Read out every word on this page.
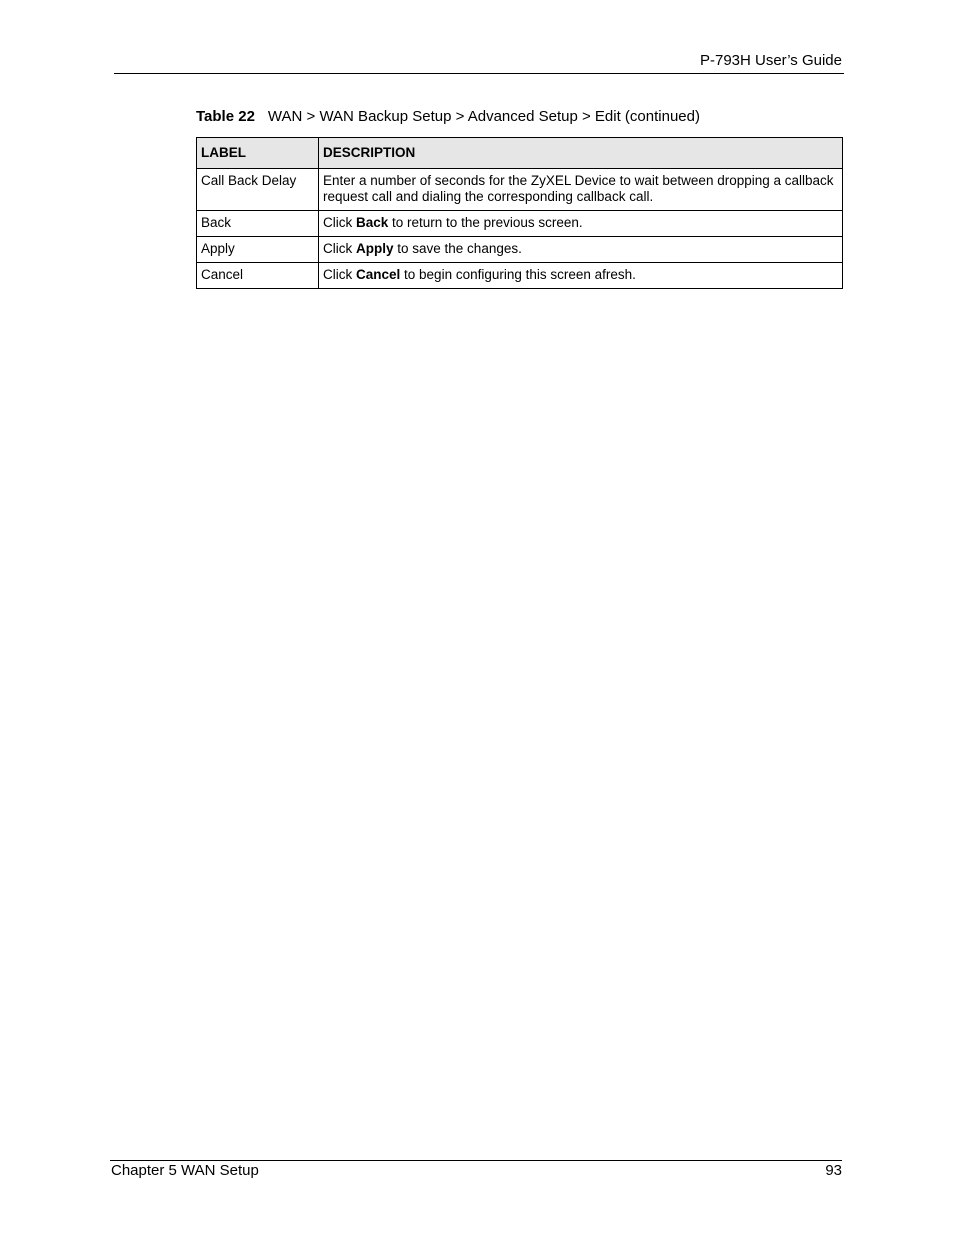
P-793H User’s Guide
Table 22 WAN > WAN Backup Setup > Advanced Setup > Edit (continued)
LABEL	DESCRIPTION
Call Back Delay	Enter a number of seconds for the ZyXEL Device to wait between dropping a callback request call and dialing the corresponding callback call.
Back	Click Back to return to the previous screen.
Apply	Click Apply to save the changes.
Cancel	Click Cancel to begin configuring this screen afresh.
Chapter 5 WAN Setup	93
